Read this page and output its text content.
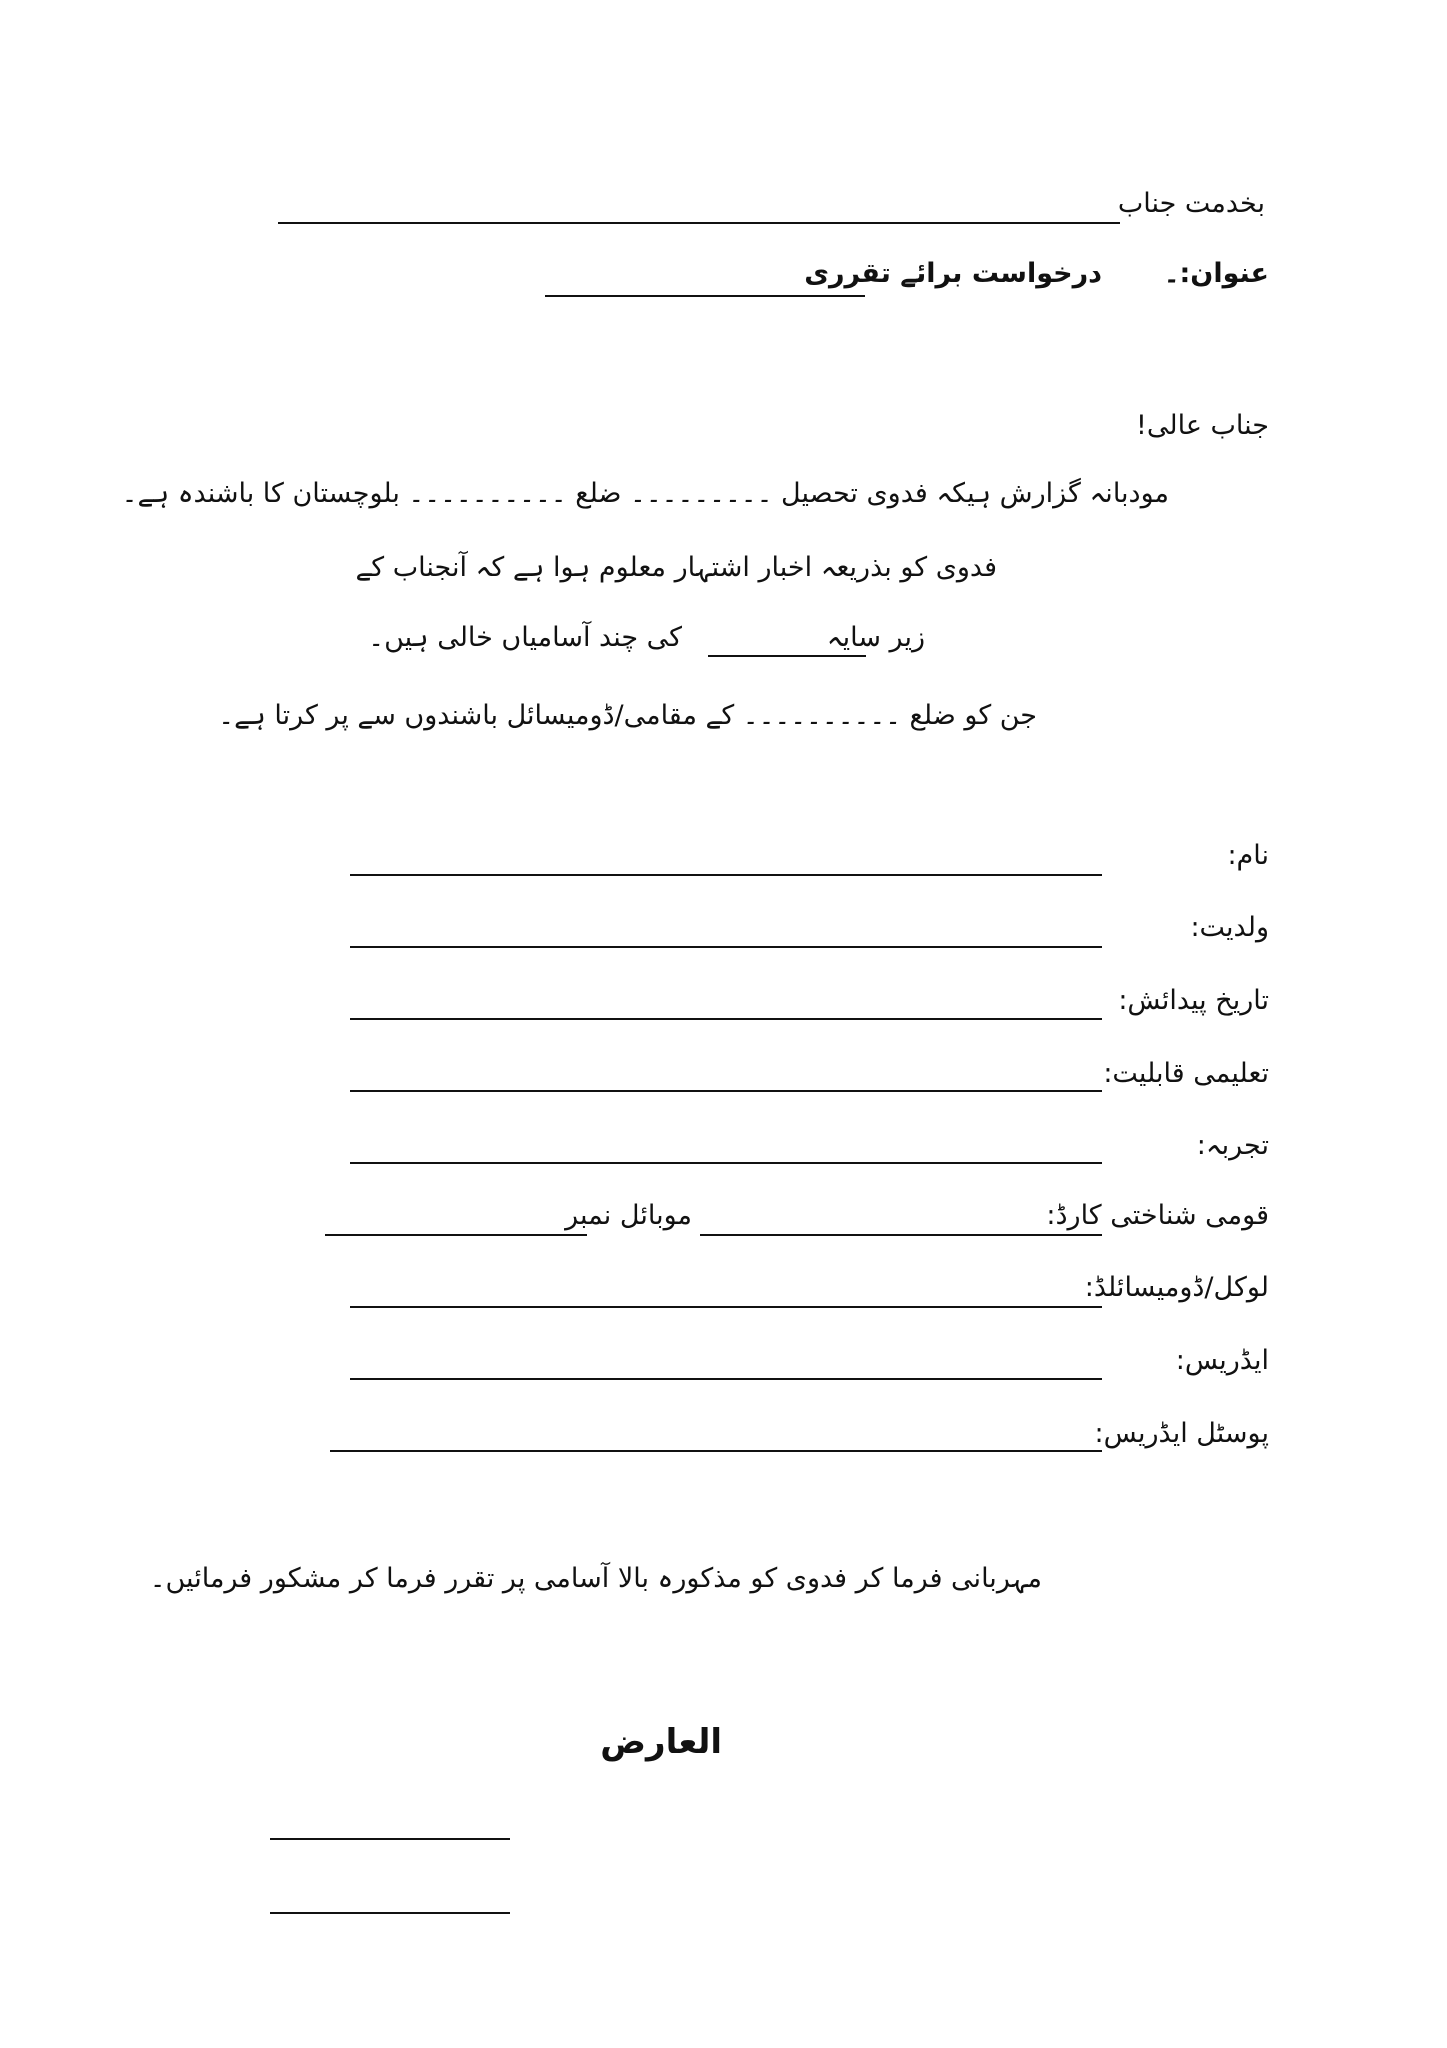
بخدمت جناب
عنوان:۔
درخواست برائے تقرری
جناب عالی!
مودبانہ گزارش ہیکہ فدوی تحصیل ۔۔۔۔۔۔۔۔۔ ضلع ۔۔۔۔۔۔۔۔۔۔ بلوچستان کا باشندہ ہے۔
فدوی کو بذریعہ اخبار اشتہار معلوم ہوا ہے کہ آنجناب کے
زیر سایہ
کی چند آسامیاں خالی ہیں۔
جن کو ضلع ۔۔۔۔۔۔۔۔۔۔ کے مقامی/ڈومیسائل باشندوں سے پر کرتا ہے۔
نام:
ولدیت:
تاریخ پیدائش:
تعلیمی قابلیت:
تجربہ:
قومی شناختی کارڈ:
موبائل نمبر
لوکل/ڈومیسائلڈ:
ایڈریس:
پوسٹل ایڈریس:
مہربانی فرما کر فدوی کو مذکورہ بالا آسامی پر تقرر فرما کر مشکور فرمائیں۔
العارض
